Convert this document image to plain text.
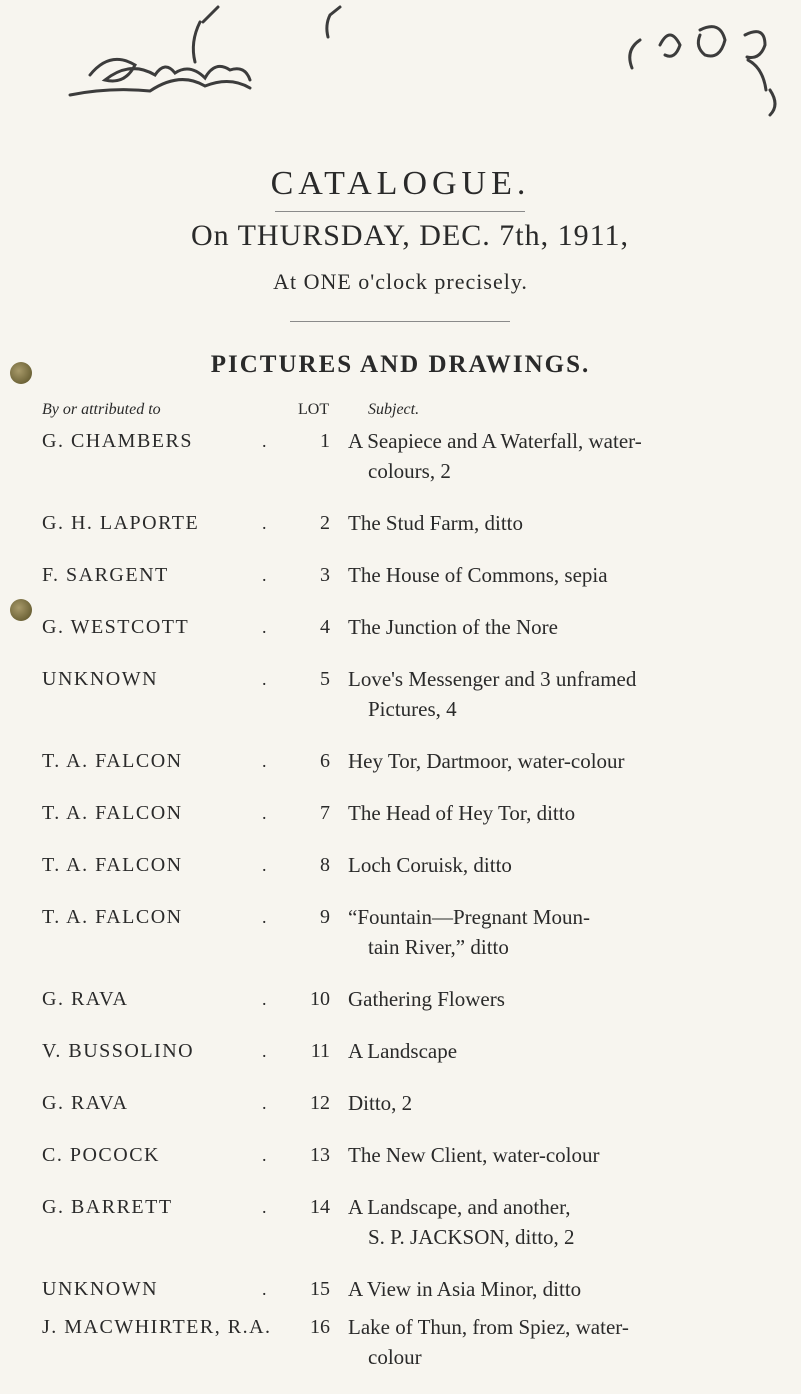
CATALOGUE.
On THURSDAY, DEC. 7th, 1911,
At ONE o'clock precisely.
PICTURES AND DRAWINGS.
By or attributed to	LOT Subject.
G. CHAMBERS	.	1 A Seapiece and A Waterfall, water-
colours, 2
G. H. LAPORTE	.	2 The Stud Farm, ditto
F. SARGENT	.	3 The House of Commons, sepia
G. WESTCOTT	.	4 The Junction of the Nore
UNKNOWN	.	5 Love's Messenger and 3 unframed
Pictures, 4
T. A. FALCON	.	6 Hey Tor, Dartmoor, water-colour
T. A. FALCON	.	7 The Head of Hey Tor, ditto
T. A. FALCON	.	8 Loch Coruisk, ditto
T. A. FALCON	.	9 “Fountain—Pregnant Moun-
tain River,” ditto
G. RAVA	.	10 Gathering Flowers
V. BUSSOLINO	.	11 A Landscape
G. RAVA	.	12 Ditto, 2
C. POCOCK	.	13 The New Client, water-colour
G. BARRETT	.	14 A Landscape, and another,
S. P. JACKSON, ditto, 2
UNKNOWN	.	15 A View in Asia Minor, ditto
J. MACWHIRTER, R.A.	16 Lake of Thun, from Spiez, water-
colour
